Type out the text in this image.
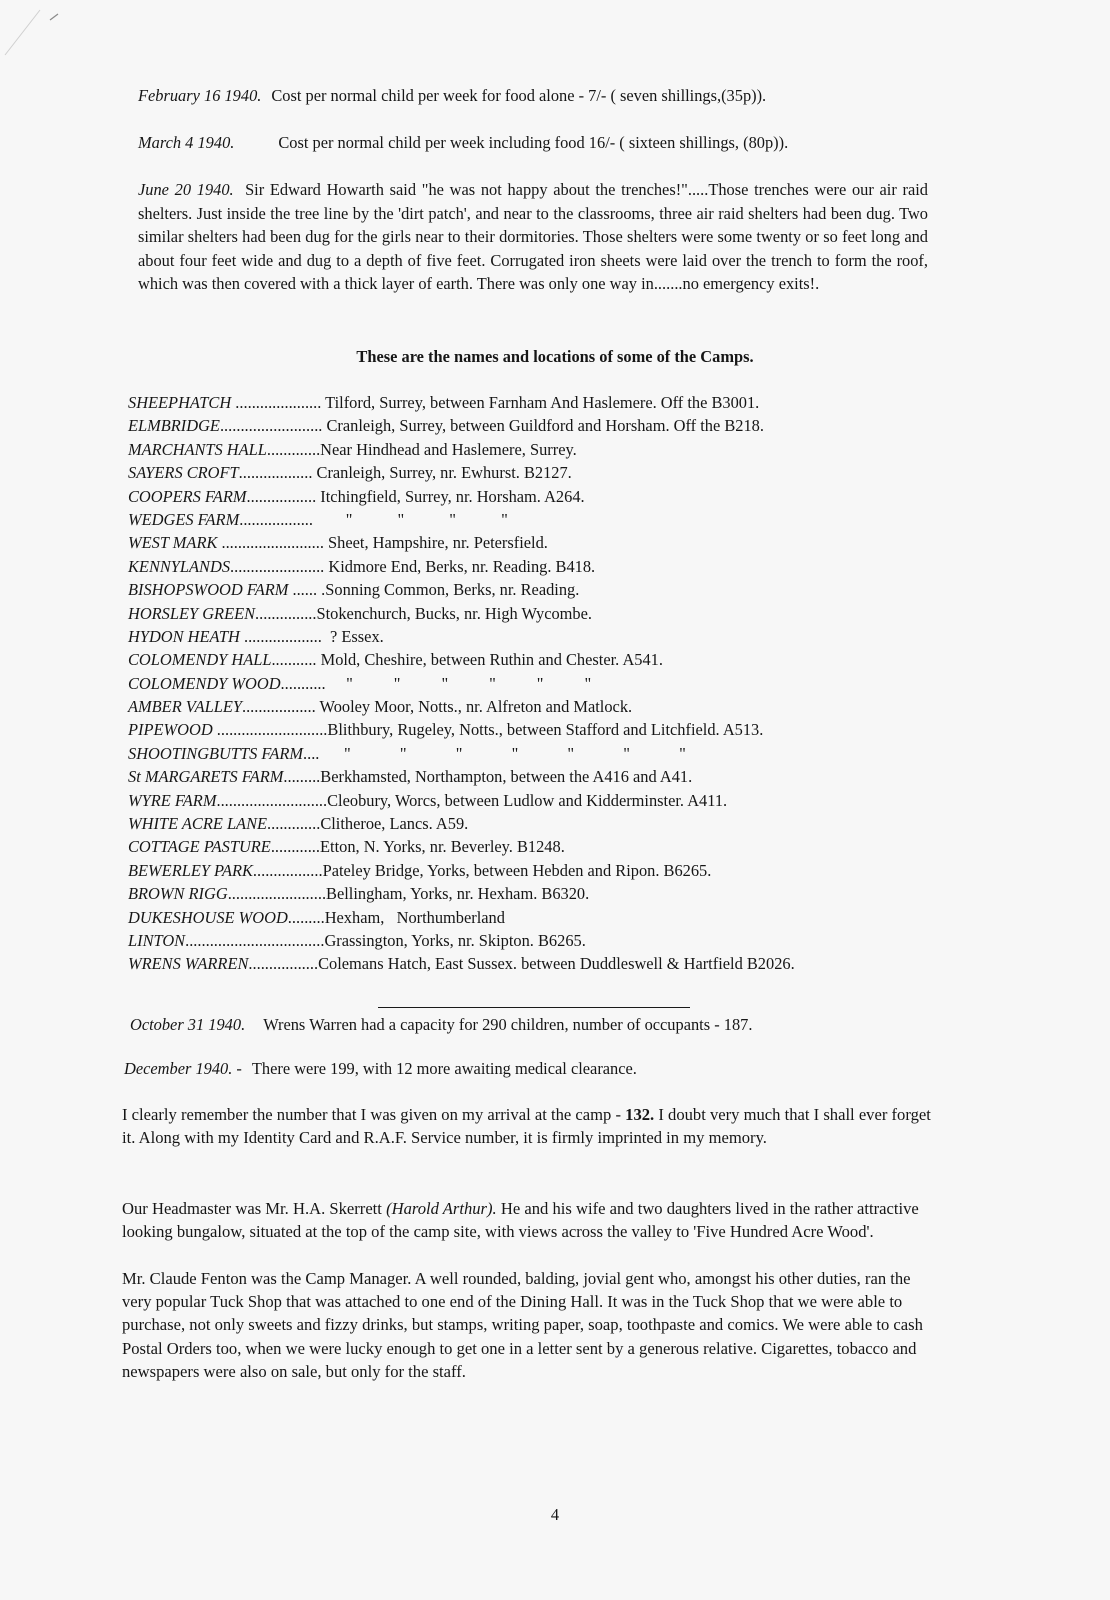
February 16 1940. Cost per normal child per week for food alone - 7/- ( seven shillings,(35p)).
March 4 1940.	Cost per normal child per week including food 16/- ( sixteen shillings, (80p)).
June 20 1940. Sir Edward Howarth said "he was not happy about the trenches!".....Those trenches were our air raid shelters. Just inside the tree line by the 'dirt patch', and near to the classrooms, three air raid shelters had been dug. Two similar shelters had been dug for the girls near to their dormitories. Those shelters were some twenty or so feet long and about four feet wide and dug to a depth of five feet. Corrugated iron sheets were laid over the trench to form the roof, which was then covered with a thick layer of earth. There was only one way in.......no emergency exits!.
These are the names and locations of some of the Camps.
SHEEPHATCH ..................... Tilford, Surrey, between Farnham And Haslemere. Off the B3001.
ELMBRIDGE......................... Cranleigh, Surrey, between Guildford and Horsham. Off the B218.
MARCHANTS HALL.............Near Hindhead and Haslemere, Surrey.
SAYERS CROFT.................. Cranleigh, Surrey, nr. Ewhurst. B2127.
COOPERS FARM................. Itchingfield, Surrey, nr. Horsham. A264.
WEDGES FARM..................        "           "           "           "
WEST MARK ......................... Sheet, Hampshire, nr. Petersfield.
KENNYLANDS....................... Kidmore End, Berks, nr. Reading. B418.
BISHOPSWOOD FARM ...... .Sonning Common, Berks, nr. Reading.
HORSLEY GREEN...............Stokenchurch, Bucks, nr. High Wycombe.
HYDON HEATH ...................  ? Essex.
COLOMENDY HALL........... Mold, Cheshire, between Ruthin and Chester. A541.
COLOMENDY WOOD...........     "          "          "          "          "          "
AMBER VALLEY.................. Wooley Moor, Notts., nr. Alfreton and Matlock.
PIPEWOOD ...........................Blithbury, Rugeley, Notts., between Stafford and Litchfield. A513.
SHOOTINGBUTTS FARM....      "            "            "            "            "            "            "
St MARGARETS FARM.........Berkhamsted, Northampton, between the A416 and A41.
WYRE FARM...........................Cleobury, Worcs, between Ludlow and Kidderminster. A411.
WHITE ACRE LANE.............Clitheroe, Lancs. A59.
COTTAGE PASTURE............Etton, N. Yorks, nr. Beverley. B1248.
BEWERLEY PARK.................Pateley Bridge, Yorks, between Hebden and Ripon. B6265.
BROWN RIGG........................Bellingham, Yorks, nr. Hexham. B6320.
DUKESHOUSE WOOD.........Hexham,   Northumberland
LINTON..................................Grassington, Yorks, nr. Skipton. B6265.
WRENS WARREN.................Colemans Hatch, East Sussex. between Duddleswell & Hartfield B2026.
October 31 1940. Wrens Warren had a capacity for 290 children, number of occupants - 187.
December 1940. - There were 199, with 12 more awaiting medical clearance.
I clearly remember the number that I was given on my arrival at the camp - 132. I doubt very much that I shall ever forget it. Along with my Identity Card and R.A.F. Service number, it is firmly imprinted in my memory.
Our Headmaster was Mr. H.A. Skerrett (Harold Arthur). He and his wife and two daughters lived in the rather attractive looking bungalow, situated at the top of the camp site, with views across the valley to 'Five Hundred Acre Wood'.
Mr. Claude Fenton was the Camp Manager. A well rounded, balding, jovial gent who, amongst his other duties, ran the very popular Tuck Shop that was attached to one end of the Dining Hall. It was in the Tuck Shop that we were able to purchase, not only sweets and fizzy drinks, but stamps, writing paper, soap, toothpaste and comics. We were able to cash Postal Orders too, when we were lucky enough to get one in a letter sent by a generous relative. Cigarettes, tobacco and newspapers were also on sale, but only for the staff.
4
